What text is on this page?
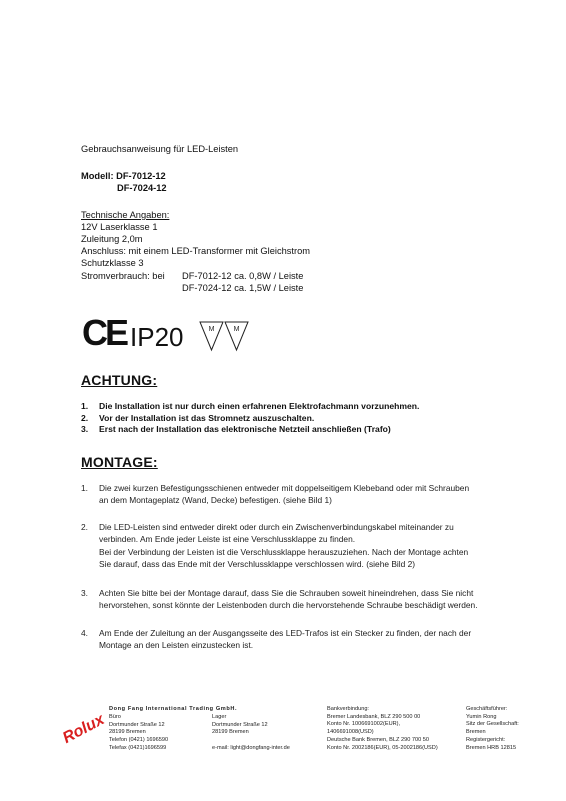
Gebrauchsanweisung für LED-Leisten
Modell: DF-7012-12
DF-7024-12
Technische Angaben:
12V Laserklasse 1
Zuleitung 2,0m
Anschluss: mit einem LED-Transformer mit Gleichstrom
Schutzklasse 3
Stromverbrauch: bei DF-7012-12 ca. 0,8W / Leiste
DF-7024-12 ca. 1,5W / Leiste
CE IP20	M	M
ACHTUNG:
1. Die Installation ist nur durch einen erfahrenen Elektrofachmann vorzunehmen.
2. Vor der Installation ist das Stromnetz auszuschalten.
3. Erst nach der Installation das elektronische Netzteil anschließen (Trafo)
MONTAGE:
1. Die zwei kurzen Befestigungsschienen entweder mit doppelseitigem Klebeband oder mit Schrauben
an dem Montageplatz (Wand, Decke) befestigen. (siehe Bild 1)
2. Die LED-Leisten sind entweder direkt oder durch ein Zwischenverbindungskabel miteinander zu
verbinden. Am Ende jeder Leiste ist eine Verschlussklappe zu finden.
Bei der Verbindung der Leisten ist die Verschlussklappe herauszuziehen. Nach der Montage achten
Sie darauf, dass das Ende mit der Verschlussklappe verschlossen wird. (siehe Bild 2)
3. Achten Sie bitte bei der Montage darauf, dass Sie die Schrauben soweit hineindrehen, dass Sie nicht
hervorstehen, sonst könnte der Leistenboden durch die hervorstehende Schraube beschädigt werden.
4. Am Ende der Zuleitung an der Ausgangsseite des LED-Trafos ist ein Stecker zu finden, der nach der
Montage an den Leisten einzustecken ist.
Dong Fang International Trading GmbH.
Büro
Dortmunder Straße 12
28199 Bremen
Telefon (0421) 1696590
Telefax (0421)1696599
Lager
Dortmunder Straße 12
28199 Bremen

e-mail: light@dongfang-inter.de
Bankverbindung:
Bremer Landesbank, BLZ 290 500 00
Konto Nr. 1006691002(EUR),
1406691008(USD)
Deutsche Bank Bremen, BLZ 290 700 50
Konto Nr. 2002186(EUR), 05-2002186(USD)
Geschäftsführer:
Yumin Rong
Sitz der Gesellschaft:
Bremen
Registergericht:
Bremen HRB 12815
Rolux
